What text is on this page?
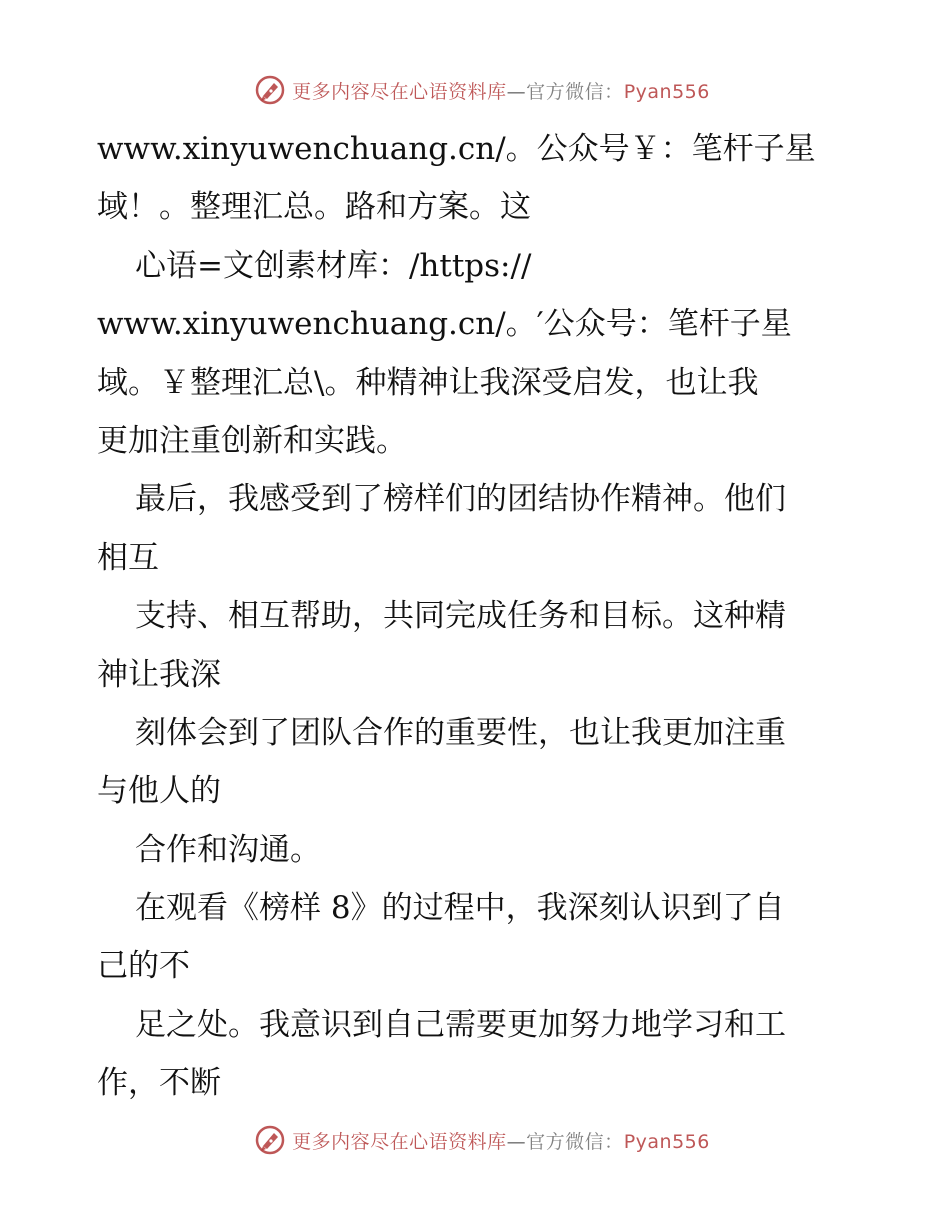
更多内容尽在心语资料库—官方微信：Pyan556
www.xinyuwenchuang.cn/。公众号￥：笔杆子星
域！。整理汇总。路和方案。这
心语=文创素材库：/https://
www.xinyuwenchuang.cn/。′公众号：笔杆子星
域。￥整理汇总\。种精神让我深受启发，也让我
更加注重创新和实践。
最后，我感受到了榜样们的团结协作精神。他们
相互
支持、相互帮助，共同完成任务和目标。这种精
神让我深
刻体会到了团队合作的重要性，也让我更加注重
与他人的
合作和沟通。
在观看《榜样 8》的过程中，我深刻认识到了自
己的不
足之处。我意识到自己需要更加努力地学习和工
作，不断
更多内容尽在心语资料库—官方微信：Pyan556
